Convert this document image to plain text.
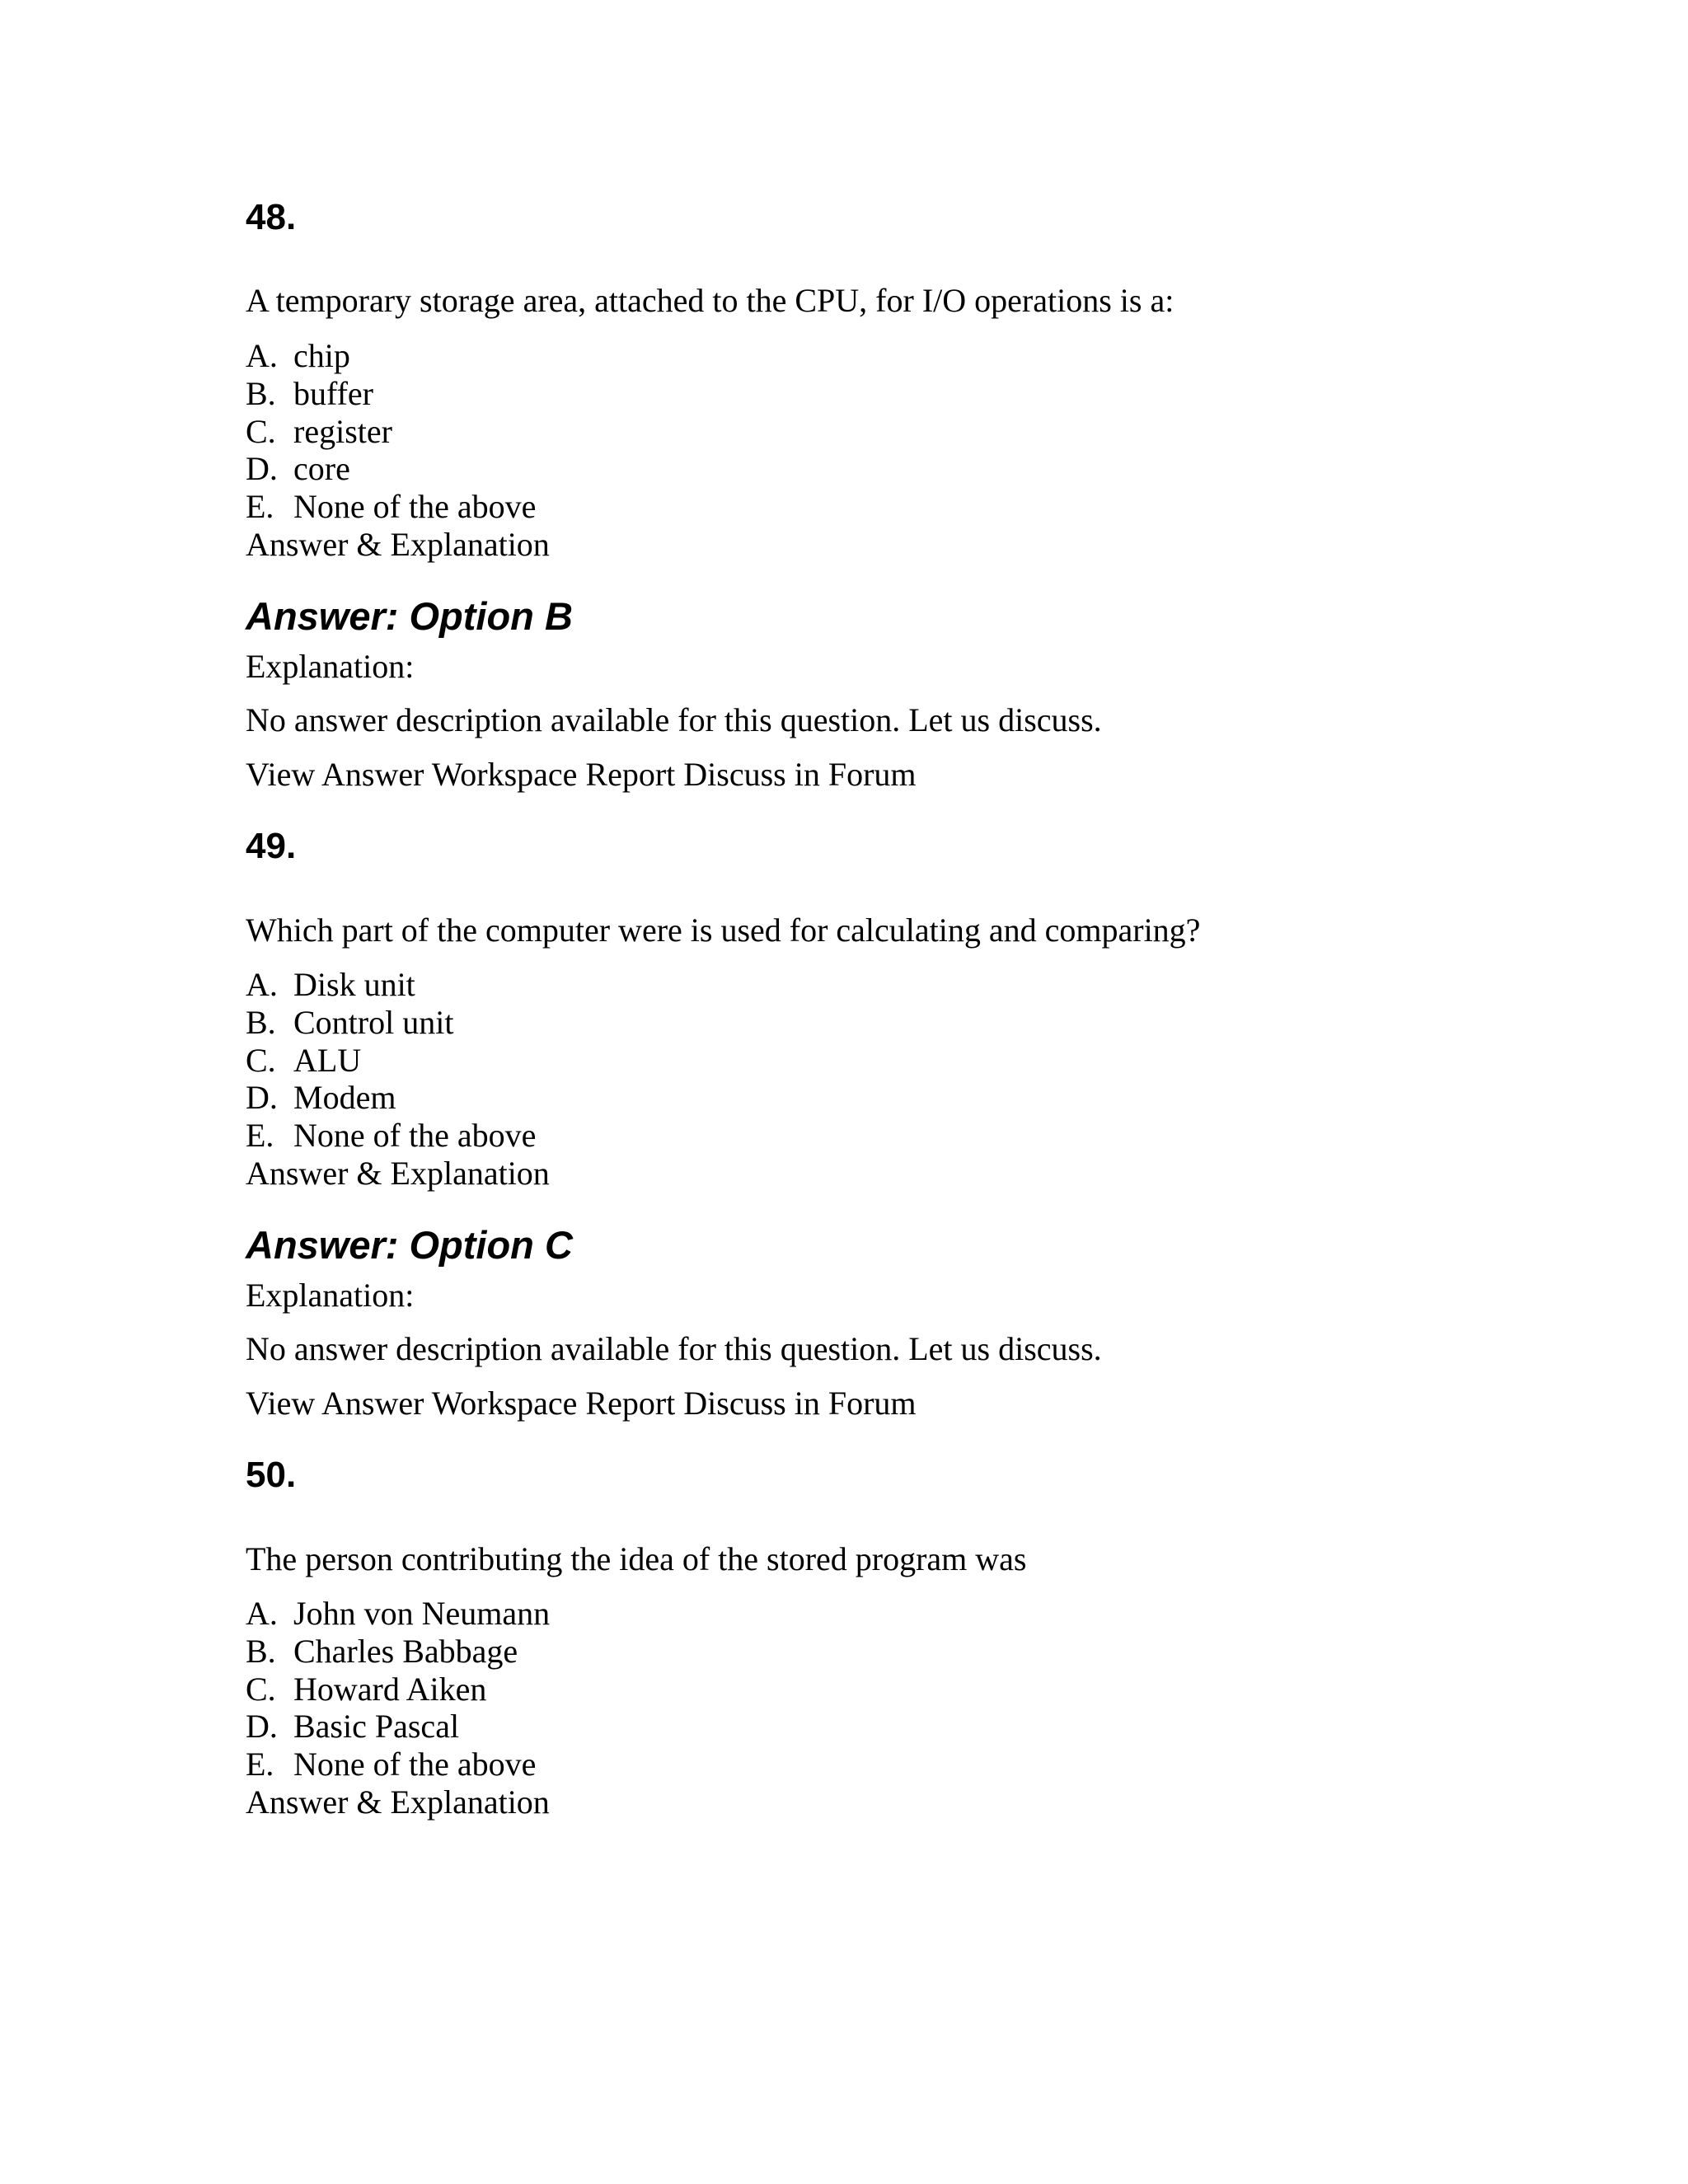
48.
A temporary storage area, attached to the CPU, for I/O operations is a:
A. chip
B. buffer
C. register
D. core
E. None of the above
Answer & Explanation
Answer: Option B
Explanation:
No answer description available for this question. Let us discuss.
View Answer Workspace Report Discuss in Forum
49.
Which part of the computer were is used for calculating and comparing?
A. Disk unit
B. Control unit
C. ALU
D. Modem
E. None of the above
Answer & Explanation
Answer: Option C
Explanation:
No answer description available for this question. Let us discuss.
View Answer Workspace Report Discuss in Forum
50.
The person contributing the idea of the stored program was
A. John von Neumann
B. Charles Babbage
C. Howard Aiken
D. Basic Pascal
E. None of the above
Answer & Explanation
